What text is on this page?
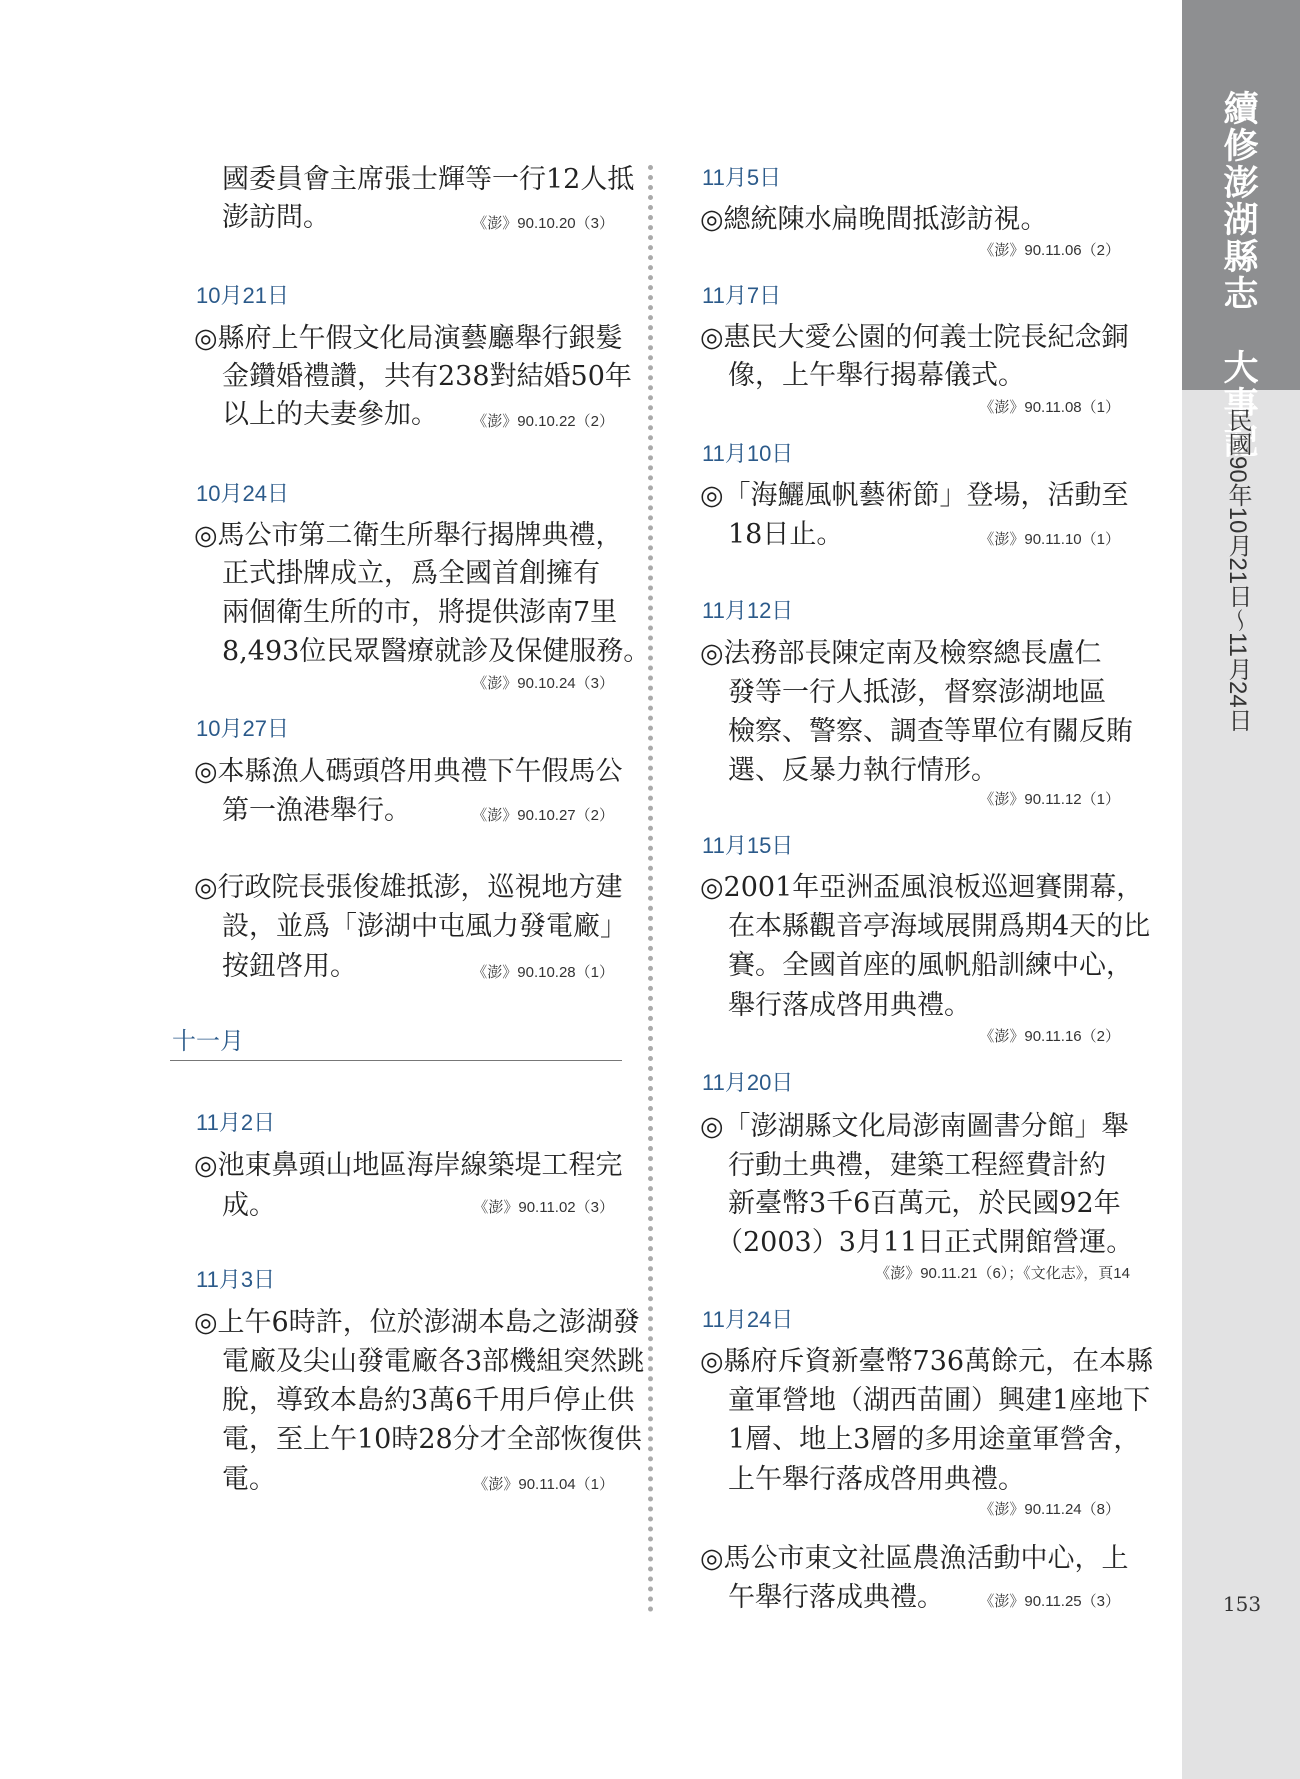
國委員會主席張士輝等一行12人抵
澎訪問。	《澎》90.10.20（3）
10月21日
◎縣府上午假文化局演藝廳舉行銀髮
金鑽婚禮讚，共有238對結婚50年
以上的夫妻參加。 《澎》90.10.22（2）
10月24日
◎馬公市第二衛生所舉行揭牌典禮，
正式掛牌成立，爲全國首創擁有
兩個衛生所的市，將提供澎南7里
8,493位民眾醫療就診及保健服務。
《澎》90.10.24（3）
10月27日
◎本縣漁人碼頭啓用典禮下午假馬公
第一漁港舉行。	《澎》90.10.27（2）
◎行政院長張俊雄抵澎，巡視地方建
設，並爲「澎湖中屯風力發電廠」
按鈕啓用。	《澎》90.10.28（1）
十一月
11月2日
◎池東鼻頭山地區海岸線築堤工程完
成。	《澎》90.11.02（3）
11月3日
◎上午6時許，位於澎湖本島之澎湖發
電廠及尖山發電廠各3部機組突然跳
脫，導致本島約3萬6千用戶停止供
電，至上午10時28分才全部恢復供
電。	《澎》90.11.04（1）
11月5日
◎總統陳水扁晚間抵澎訪視。
《澎》90.11.06（2）
11月7日
◎惠民大愛公園的何義士院長紀念銅
像，上午舉行揭幕儀式。
《澎》90.11.08（1）
11月10日
◎「海鱺風帆藝術節」登場，活動至
18日止。	《澎》90.11.10（1）
11月12日
◎法務部長陳定南及檢察總長盧仁
發等一行人抵澎，督察澎湖地區
檢察、警察、調查等單位有關反賄
選、反暴力執行情形。
《澎》90.11.12（1）
11月15日
◎2001年亞洲盃風浪板巡迴賽開幕，
在本縣觀音亭海域展開爲期4天的比
賽。全國首座的風帆船訓練中心，
舉行落成啓用典禮。
《澎》90.11.16（2）
11月20日
◎「澎湖縣文化局澎南圖書分館」舉
行動土典禮，建築工程經費計約
新臺幣3千6百萬元，於民國92年
（2003）3月11日正式開館營運。
《澎》90.11.21（6）；《文化志》，頁14
11月24日
◎縣府斥資新臺幣736萬餘元，在本縣
童軍營地（湖西苗圃）興建1座地下
1層、地上3層的多用途童軍營舍，
上午舉行落成啓用典禮。
《澎》90.11.24（8）
◎馬公市東文社區農漁活動中心，上
午舉行落成典禮。 《澎》90.11.25（3）
續修澎湖縣志　大事記
民國90年10月21日～11月24日
153
